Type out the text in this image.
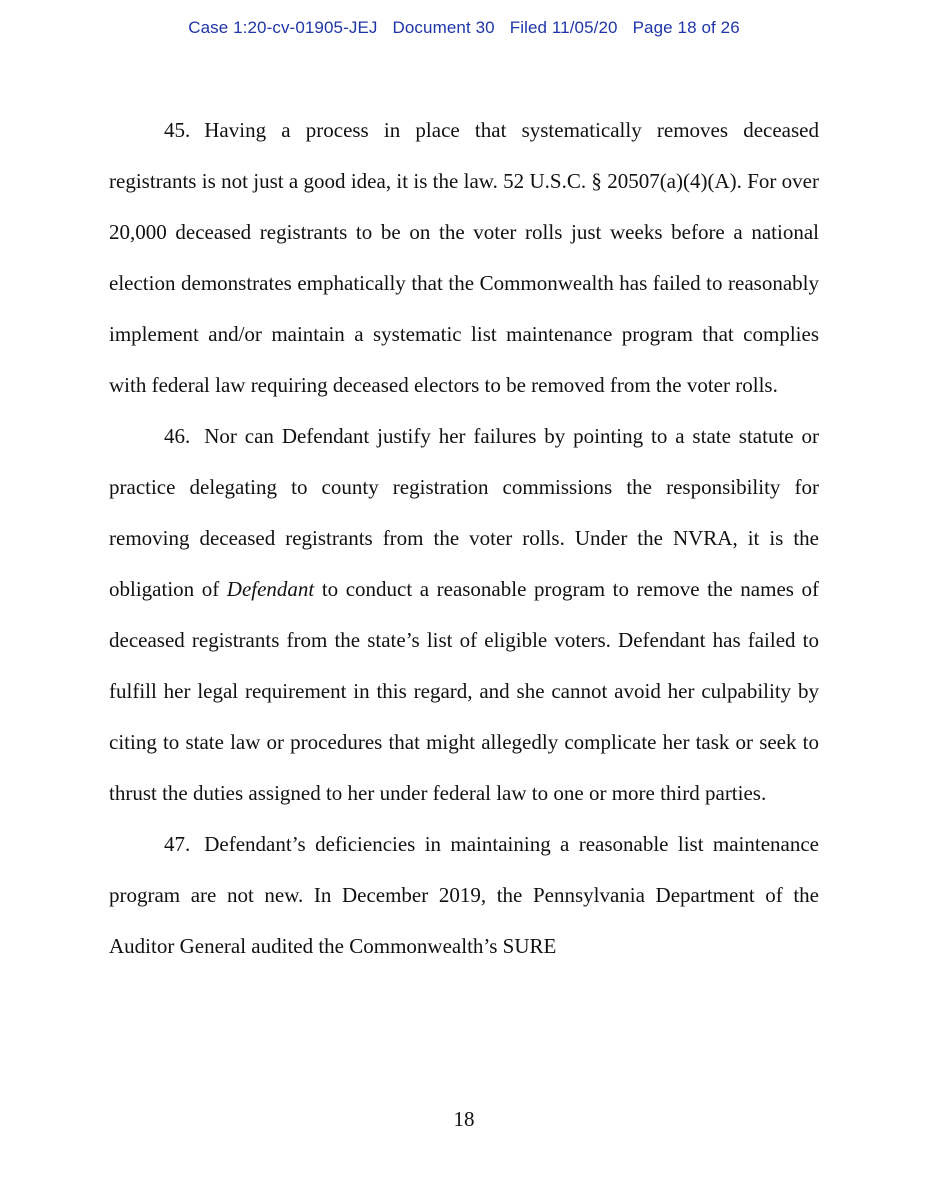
Case 1:20-cv-01905-JEJ Document 30 Filed 11/05/20 Page 18 of 26

45. Having a process in place that systematically removes deceased registrants is not just a good idea, it is the law. 52 U.S.C. § 20507(a)(4)(A). For over 20,000 deceased registrants to be on the voter rolls just weeks before a national election demonstrates emphatically that the Commonwealth has failed to reasonably implement and/or maintain a systematic list maintenance program that complies with federal law requiring deceased electors to be removed from the voter rolls.

46. Nor can Defendant justify her failures by pointing to a state statute or practice delegating to county registration commissions the responsibility for removing deceased registrants from the voter rolls. Under the NVRA, it is the obligation of Defendant to conduct a reasonable program to remove the names of deceased registrants from the state’s list of eligible voters. Defendant has failed to fulfill her legal requirement in this regard, and she cannot avoid her culpability by citing to state law or procedures that might allegedly complicate her task or seek to thrust the duties assigned to her under federal law to one or more third parties.

47. Defendant’s deficiencies in maintaining a reasonable list maintenance program are not new. In December 2019, the Pennsylvania Department of the Auditor General audited the Commonwealth’s SURE

18
